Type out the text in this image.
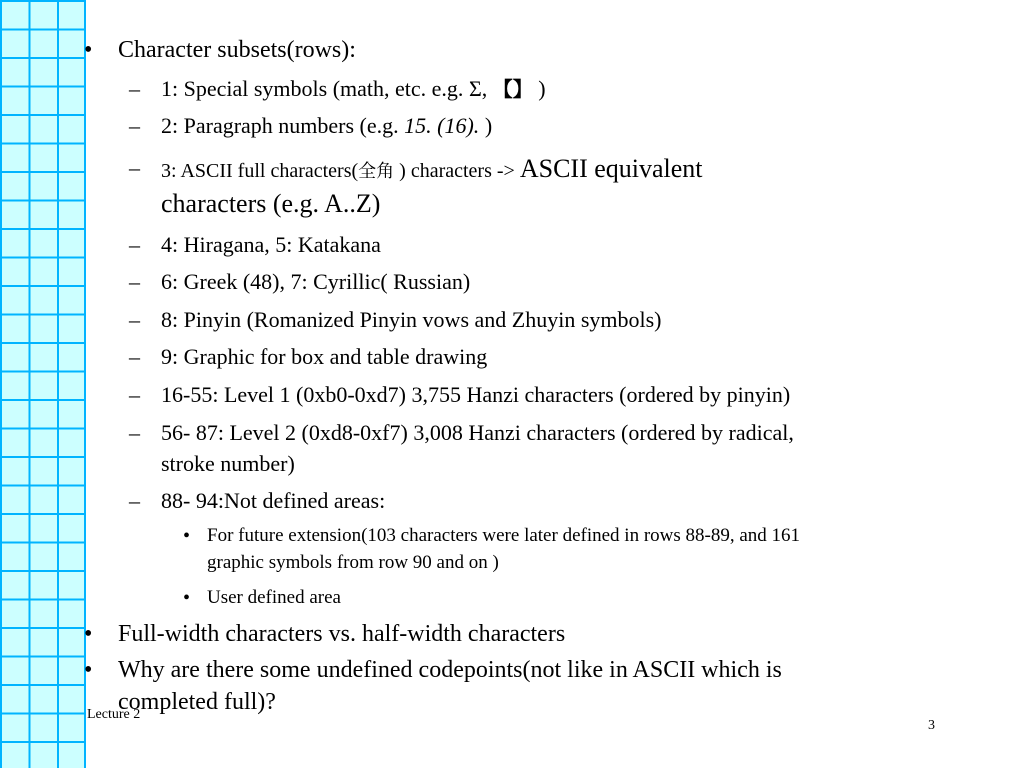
• Character subsets(rows):
– 1: Special symbols (math, etc. e.g. Σ, 【】 )
– 2: Paragraph numbers (e.g. 15. (16). )
– 3: ASCII full characters(全角 ) characters -> ASCII equivalent
characters (e.g. A..Z)
– 4: Hiragana, 5: Katakana
– 6: Greek (48), 7: Cyrillic( Russian)
– 8: Pinyin (Romanized Pinyin vows and Zhuyin symbols)
– 9: Graphic for box and table drawing
– 16-55: Level 1 (0xb0-0xd7) 3,755 Hanzi characters (ordered by pinyin)
– 56- 87: Level 2 (0xd8-0xf7) 3,008 Hanzi characters (ordered by radical,
stroke number)
– 88- 94:Not defined areas:
• For future extension(103 characters were later defined in rows 88-89, and 161
graphic symbols from row 90 and on )
• User defined area
• Full-width characters vs. half-width characters
• Why are there some undefined codepoints(not like in ASCII which is
completed full)?
Lecture 2
3
